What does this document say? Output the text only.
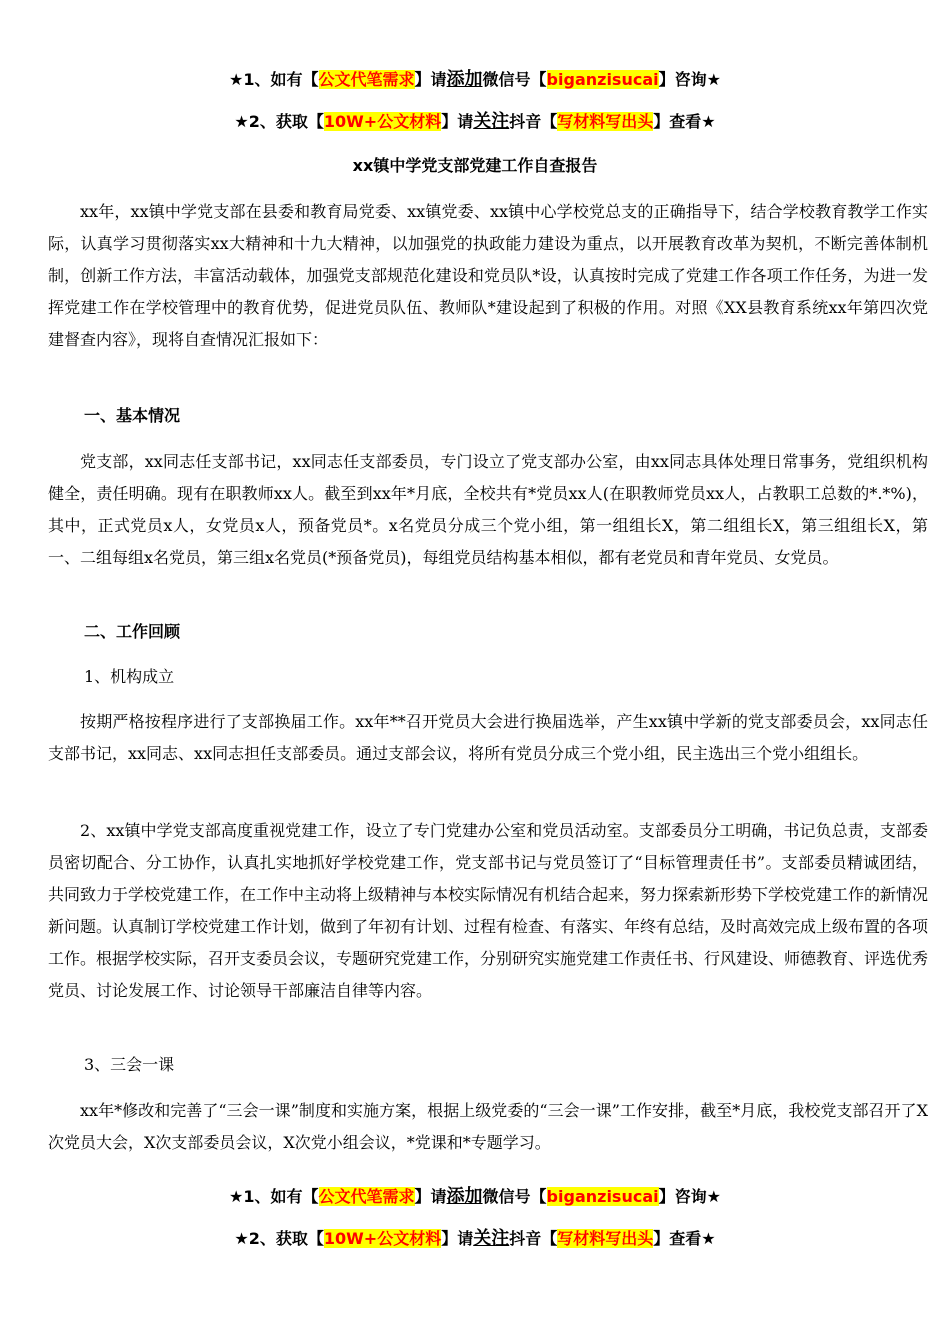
★1、如有【公文代笔需求】请添加微信号【biganzisucai】咨询★
★2、获取【10W+公文材料】请关注抖音【写材料写出头】查看★
xx镇中学党支部党建工作自查报告

xx年，xx镇中学党支部在县委和教育局党委、xx镇党委、xx镇中心学校党总支的正确指导下，结合学校教育教学工作实际，认真学习贯彻落实xx大精神和十九大精神，以加强党的执政能力建设为重点，以开展教育改革为契机，不断完善体制机制，创新工作方法，丰富活动载体，加强党支部规范化建设和党员队*设，认真按时完成了党建工作各项工作任务，为进一发挥党建工作在学校管理中的教育优势，促进党员队伍、教师队*建设起到了积极的作用。对照《XX县教育系统xx年第四次党建督查内容》，现将自查情况汇报如下：

一、基本情况

党支部，xx同志任支部书记，xx同志任支部委员，专门设立了党支部办公室，由xx同志具体处理日常事务，党组织机构健全，责任明确。现有在职教师xx人。截至到xx年*月底，全校共有*党员xx人(在职教师党员xx人，占教职工总数的*.*%)，其中，正式党员x人，女党员x人，预备党员*。x名党员分成三个党小组，第一组组长X，第二组组长X，第三组组长X，第一、二组每组x名党员，第三组x名党员(*预备党员)，每组党员结构基本相似，都有老党员和青年党员、女党员。

二、工作回顾

1、机构成立

按期严格按程序进行了支部换届工作。xx年**召开党员大会进行换届选举，产生xx镇中学新的党支部委员会，xx同志任支部书记，xx同志、xx同志担任支部委员。通过支部会议，将所有党员分成三个党小组，民主选出三个党小组组长。

2、xx镇中学党支部高度重视党建工作，设立了专门党建办公室和党员活动室。支部委员分工明确，书记负总责，支部委员密切配合、分工协作，认真扎实地抓好学校党建工作，党支部书记与党员签订了“目标管理责任书”。支部委员精诚团结，共同致力于学校党建工作，在工作中主动将上级精神与本校实际情况有机结合起来，努力探索新形势下学校党建工作的新情况新问题。认真制订学校党建工作计划，做到了年初有计划、过程有检查、有落实、年终有总结，及时高效完成上级布置的各项工作。根据学校实际，召开支委员会议，专题研究党建工作，分别研究实施党建工作责任书、行风建设、师德教育、评选优秀党员、讨论发展工作、讨论领导干部廉洁自律等内容。

3、三会一课

xx年*修改和完善了“三会一课”制度和实施方案，根据上级党委的“三会一课”工作安排，截至*月底，我校党支部召开了X次党员大会，X次支部委员会议，X次党小组会议，*党课和*专题学习。

★1、如有【公文代笔需求】请添加微信号【biganzisucai】咨询★
★2、获取【10W+公文材料】请关注抖音【写材料写出头】查看★
